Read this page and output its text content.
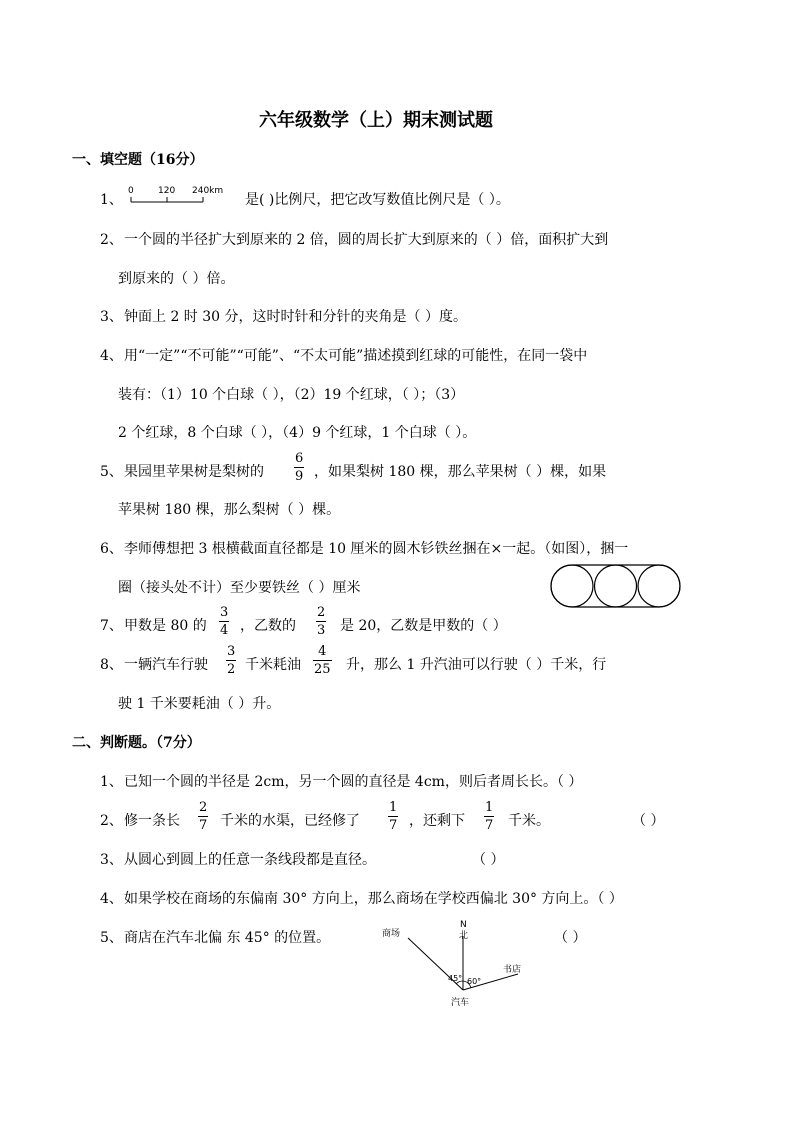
六年级数学（上）期末测试题
一、填空题（16分）
1、
0	120 240km
是( )比例尺，把它改写数值比例尺是（ ）。
2、 一个圆的半径扩大到原来的 2 倍，圆的周长扩大到原来的（ ）倍，面积扩大到
到原来的（ ）倍。
3、 钟面上 2 时 30 分，这时时针和分针的夹角是（ ）度。
4、 用“一定”“不可能”“可能”、“不太可能”描述摸到红球的可能性，在同一袋中
装有：（1）10 个白球（ ），（2）19 个红球，（ ）；（3）
2 个红球，8 个白球（ ），（4）9 个红球，1 个白球（ ）。
5、 果园里苹果树是梨树的 $\frac{6}{9}$ ，如果梨树 180 棵，那么苹果树（ ）棵，如果
苹果树 180 棵，那么梨树（ ）棵。
6、 李师傅想把 3 根横截面直径都是 10 厘米的圆木钐铁丝捆在×一起。（如图），捆一
圈（接头处不计）至少要铁丝（ ）厘米
7、 甲数是 80 的 $\frac{3}{4}$ ，乙数的 $\frac{2}{3}$ 是 20，乙数是甲数的（ ）
8、 一辆汽车行驶 $\frac{3}{2}$ 千米耗油 $\frac{4}{25}$ 升，那么 1 升汽油可以行驶（ ）千米，行
驶 1 千米要耗油（ ）升。
二、判断题。（7分）
1、 已知一个圆的半径是 2cm，另一个圆的直径是 4cm，则后者周长长。（ ）
2、 修一条长 $\frac{2}{7}$ 千米的水渠，已经修了 $\frac{1}{7}$ ，还剩下 $\frac{1}{7}$ 千米。	（ ）
3、 从圆心到圆上的任意一条线段都是直径。	（ ）
4、 如果学校在商场的东偏南 30° 方向上，那么商场在学校西偏北 30° 方向上。（ ）
5、 商店在汽车北偏 东 45° 的位置。	（ ）
N
北
商场
书店
汽车
45° 60°
